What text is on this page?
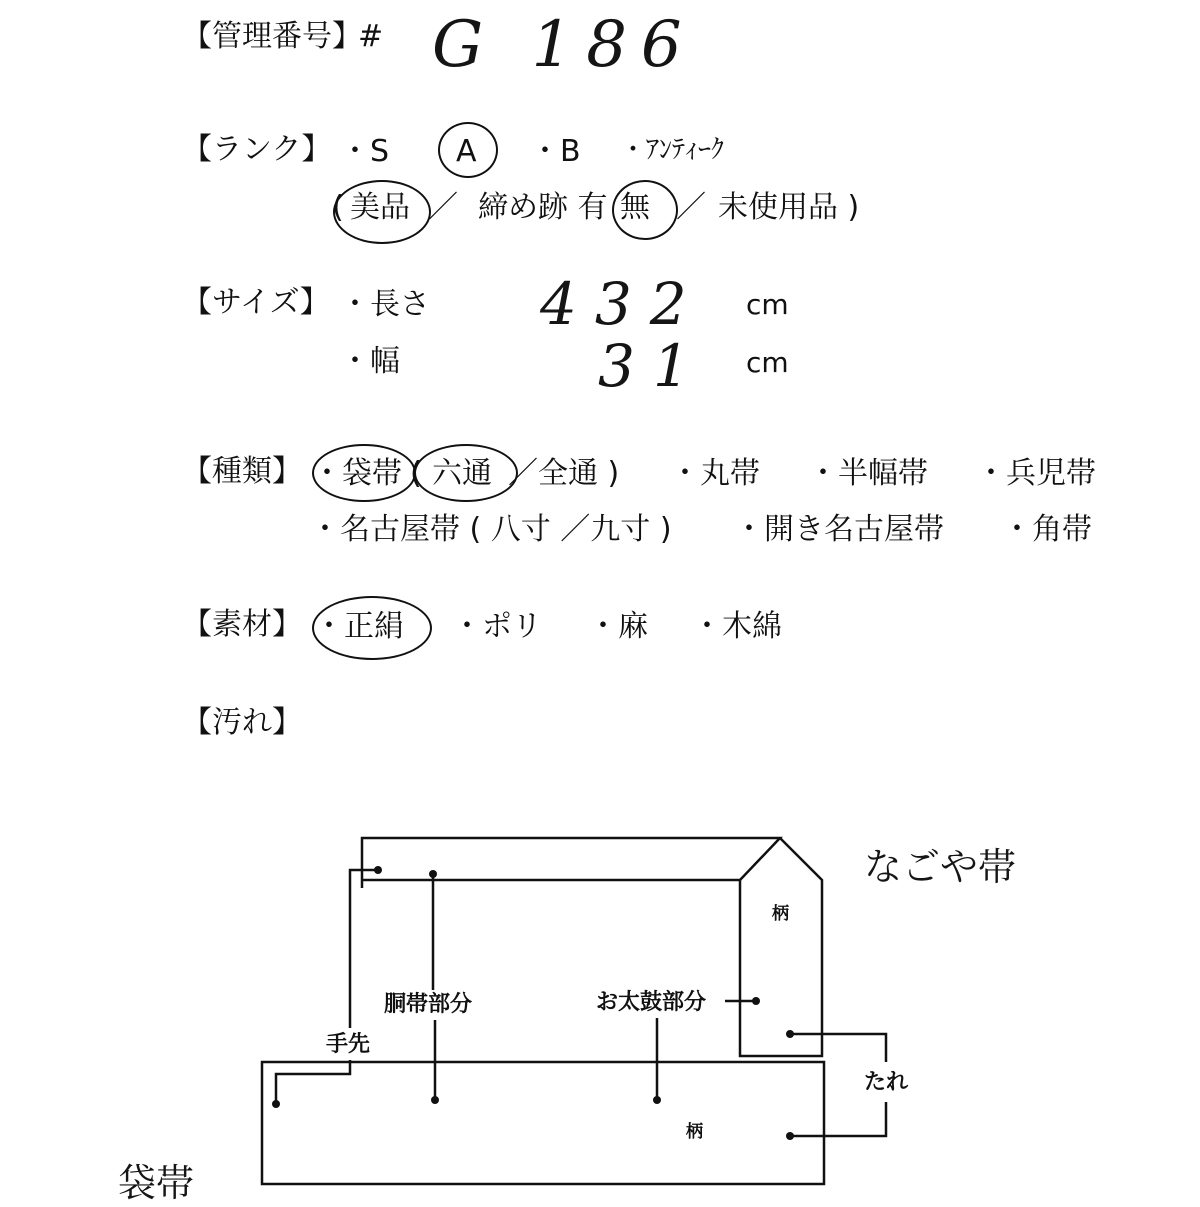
【管理番号】
# G 186
【ランク】 ・S A ・B ・ｱﾝﾃｨｰｸ
( 美品 ／ 締め跡 有 無 ／ 未使用品 )
【サイズ】 ・長さ 432 cm
・幅	31 cm
【種類】 ・袋帯 ( 六通 ／全通 ) ・丸帯 ・半幅帯 ・兵児帯
・名古屋帯 ( 八寸 ／九寸 ) ・開き名古屋帯 ・角帯
【素材】 ・正絹 ・ポリ ・麻 ・木綿
【汚れ】
なごや帯
袋帯
柄
柄
胴帯部分	お太鼓部分
手先
たれ
